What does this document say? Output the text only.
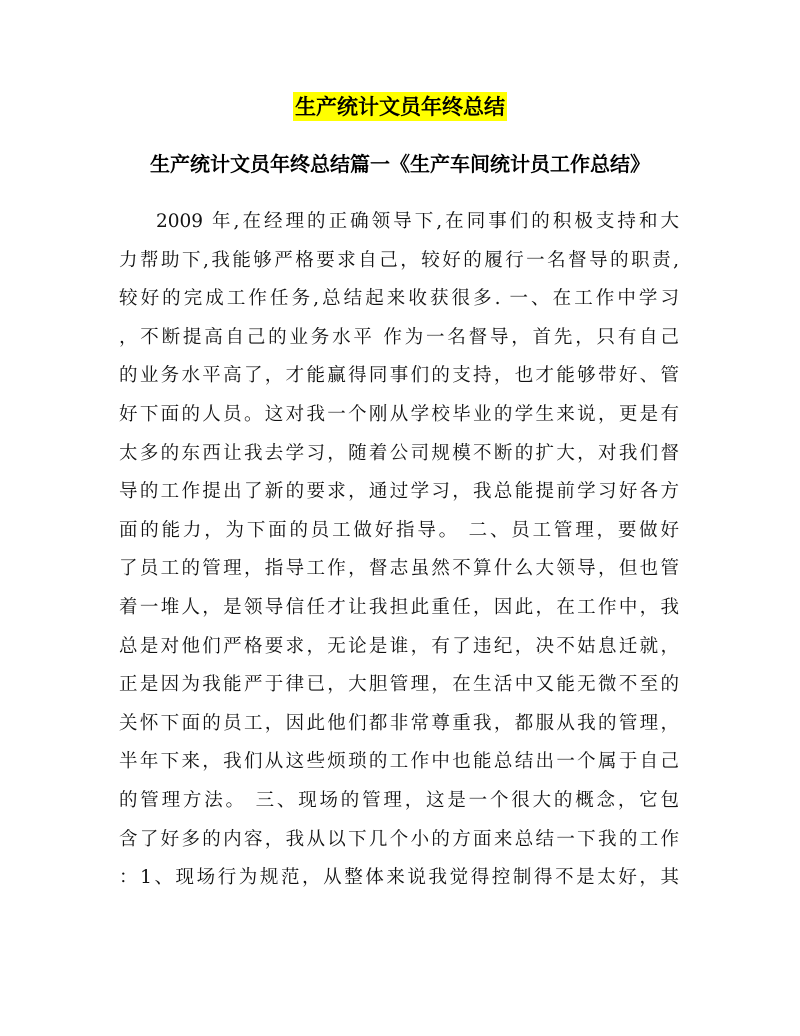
生产统计文员年终总结
生产统计文员年终总结篇一《生产车间统计员工作总结》
2009 年,在经理的正确领导下,在同事们的积极支持和大
力帮助下,我能够严格要求自己，较好的履行一名督导的职责,
较好的完成工作任务,总结起来收获很多. 一、在工作中学习
，不断提高自己的业务水平 作为一名督导，首先，只有自己
的业务水平高了，才能赢得同事们的支持，也才能够带好、管
好下面的人员。这对我一个刚从学校毕业的学生来说，更是有
太多的东西让我去学习，随着公司规模不断的扩大，对我们督
导的工作提出了新的要求，通过学习，我总能提前学习好各方
面的能力，为下面的员工做好指导。 二、员工管理，要做好
了员工的管理，指导工作，督志虽然不算什么大领导，但也管
着一堆人，是领导信任才让我担此重任，因此，在工作中，我
总是对他们严格要求，无论是谁，有了违纪，决不姑息迁就，
正是因为我能严于律已，大胆管理，在生活中又能无微不至的
关怀下面的员工，因此他们都非常尊重我，都服从我的管理，
半年下来，我们从这些烦琐的工作中也能总结出一个属于自己
的管理方法。 三、现场的管理，这是一个很大的概念，它包
含了好多的内容，我从以下几个小的方面来总结一下我的工作
：1、现场行为规范，从整体来说我觉得控制得不是太好，其
